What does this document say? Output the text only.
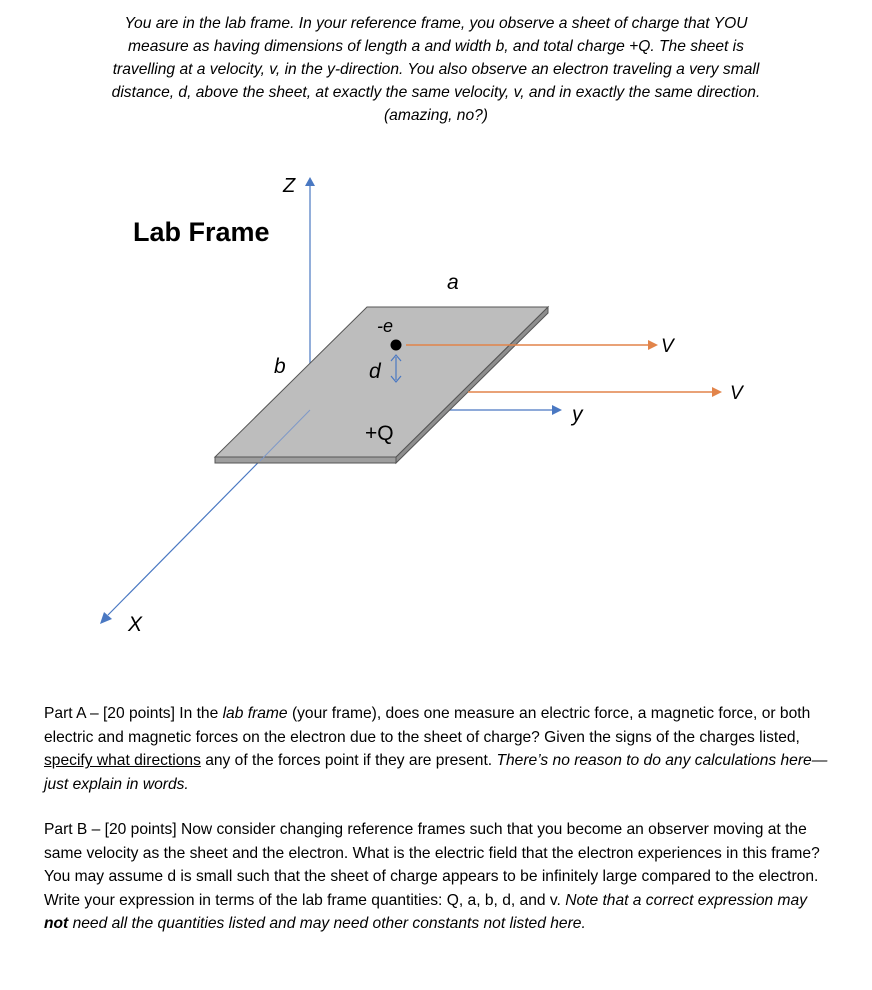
You are in the lab frame. In your reference frame, you observe a sheet of charge that YOU
measure as having dimensions of length a and width b, and total charge +Q. The sheet is
travelling at a velocity, v, in the y-direction. You also observe an electron traveling a very small
distance, d, above the sheet, at exactly the same velocity, v, and in exactly the same direction.
(amazing, no?)
Lab Frame
Z
y
X
a
b
-e
d
+Q
V
V

Part A – [20 points] In the lab frame (your frame), does one measure an electric force, a magnetic force, or both electric and magnetic forces on the electron due to the sheet of charge? Given the signs of the charges listed, specify what directions any of the forces point if they are present. There’s no reason to do any calculations here—just explain in words.

Part B – [20 points] Now consider changing reference frames such that you become an observer moving at the same velocity as the sheet and the electron. What is the electric field that the electron experiences in this frame? You may assume d is small such that the sheet of charge appears to be infinitely large compared to the electron. Write your expression in terms of the lab frame quantities: Q, a, b, d, and v. Note that a correct expression may not need all the quantities listed and may need other constants not listed here.
